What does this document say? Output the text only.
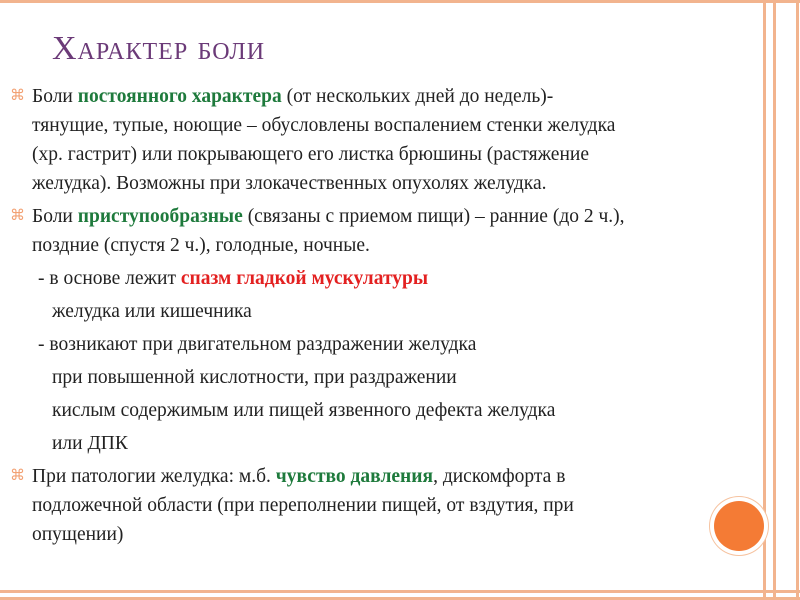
Характер боли
⌘ Боли постоянного характера (от нескольких дней до недель)-
тянущие, тупые, ноющие – обусловлены воспалением стенки желудка
(хр. гастрит) или покрывающего его листка брюшины (растяжение
желудка). Возможны при злокачественных опухолях желудка.
⌘ Боли приступообразные (связаны с приемом пищи) – ранние (до 2 ч.),
поздние (спустя 2 ч.), голодные, ночные.
- в основе лежит спазм гладкой мускулатуры
желудка или кишечника
- возникают при двигательном раздражении желудка
при повышенной кислотности, при раздражении
кислым содержимым или пищей язвенного дефекта желудка
или ДПК
⌘ При патологии желудка: м.б. чувство давления, дискомфорта в
подложечной области (при переполнении пищей, от вздутия, при
опущении)
